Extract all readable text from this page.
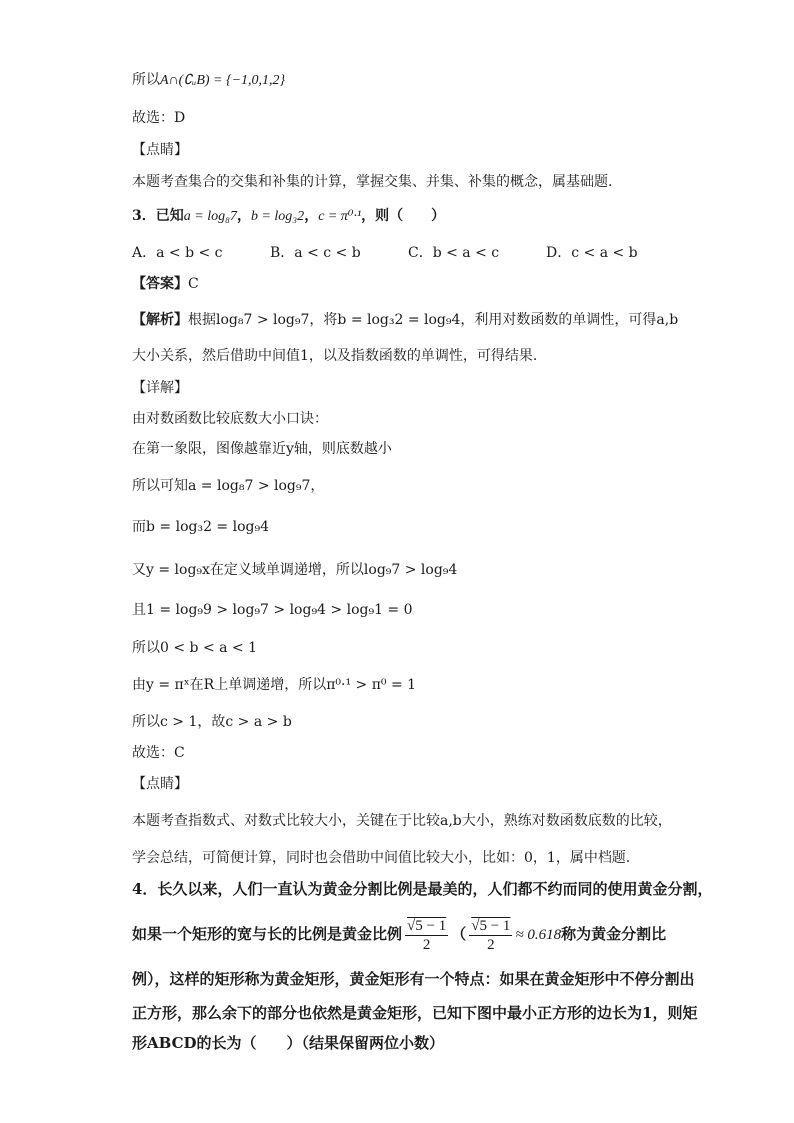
所以A∩(∁ᵤB) = {−1,0,1,2}
故选：D
【点睛】
本题考查集合的交集和补集的计算，掌握交集、并集、补集的概念，属基础题.
3．已知a = log₈7，b = log₃2，c = π⁰·¹，则（　　）
A．a < b < c	B．a < c < b	C．b < a < c	D．c < a < b
【答案】C
【解析】根据log₈7 > log₉7，将b = log₃2 = log₉4，利用对数函数的单调性，可得a,b
大小关系，然后借助中间值1，以及指数函数的单调性，可得结果.
【详解】
由对数函数比较底数大小口诀：
在第一象限，图像越靠近y轴，则底数越小
所以可知a = log₈7 > log₉7，
而b = log₃2 = log₉4
又y = log₉x在定义域单调递增，所以log₉7 > log₉4
且1 = log₉9 > log₉7 > log₉4 > log₉1 = 0
所以0 < b < a < 1
由y = πˣ在R上单调递增，所以π⁰·¹ > π⁰ = 1
所以c > 1，故c > a > b
故选：C
【点睛】
本题考查指数式、对数式比较大小，关键在于比较a,b大小，熟练对数函数底数的比较，
学会总结，可简便计算，同时也会借助中间值比较大小，比如：0，1，属中档题.
4．长久以来，人们一直认为黄金分割比例是最美的，人们都不约而同的使用黄金分割，
如果一个矩形的宽与长的比例是黄金比例 $\frac{√5 - 1}{2}$ （ $\frac{√5 - 1}{2} \approx 0.618$称为黄金分割比
例），这样的矩形称为黄金矩形，黄金矩形有一个特点：如果在黄金矩形中不停分割出
正方形，那么余下的部分也依然是黄金矩形，已知下图中最小正方形的边长为1，则矩
形ABCD的长为（　　）（结果保留两位小数）
